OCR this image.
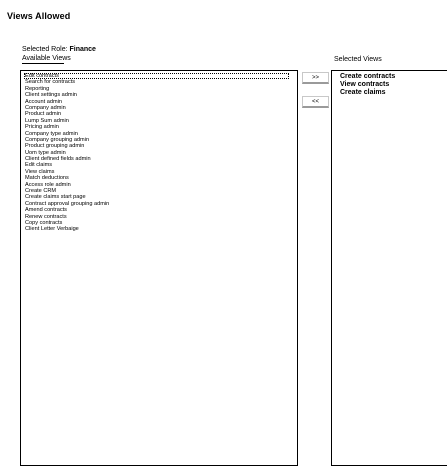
Views Allowed
Selected Role: Finance
Available Views	Selected Views
Edit contracts
Search for contracts
Reporting
Client settings admin
Account admin
Company admin
Product admin
Lump Sum admin
Pricing admin
Company type admin
Company grouping admin
Product grouping admin
Uom type admin
Client defined fields admin
Edit claims
View claims
Match deductions
Access role admin
Create CRM
Create claims start page
Contract approval grouping admin
Amend contracts
Renew contracts
Copy contracts
Client Letter Verbaige
>>
<<
Create contracts
View contracts
Create claims
